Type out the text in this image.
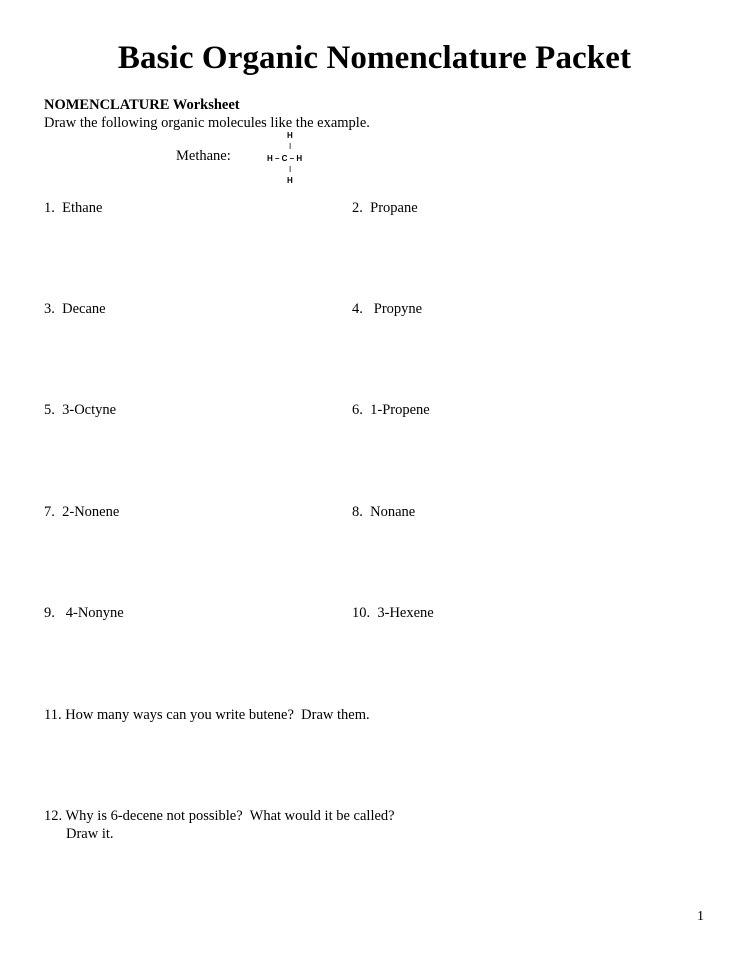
Basic Organic Nomenclature Packet
NOMENCLATURE Worksheet
Draw the following organic molecules like the example.
Methane:
H
I
H – C – H
I
H
1. Ethane	2. Propane
3. Decane	4.   Propyne
5. 3-Octyne	6. 1-Propene
7. 2-Nonene	8. Nonane
9.   4-Nonyne	10. 3-Hexene
11. How many ways can you write butene?  Draw them.
12. Why is 6-decene not possible?  What would it be called?
Draw it.
1
